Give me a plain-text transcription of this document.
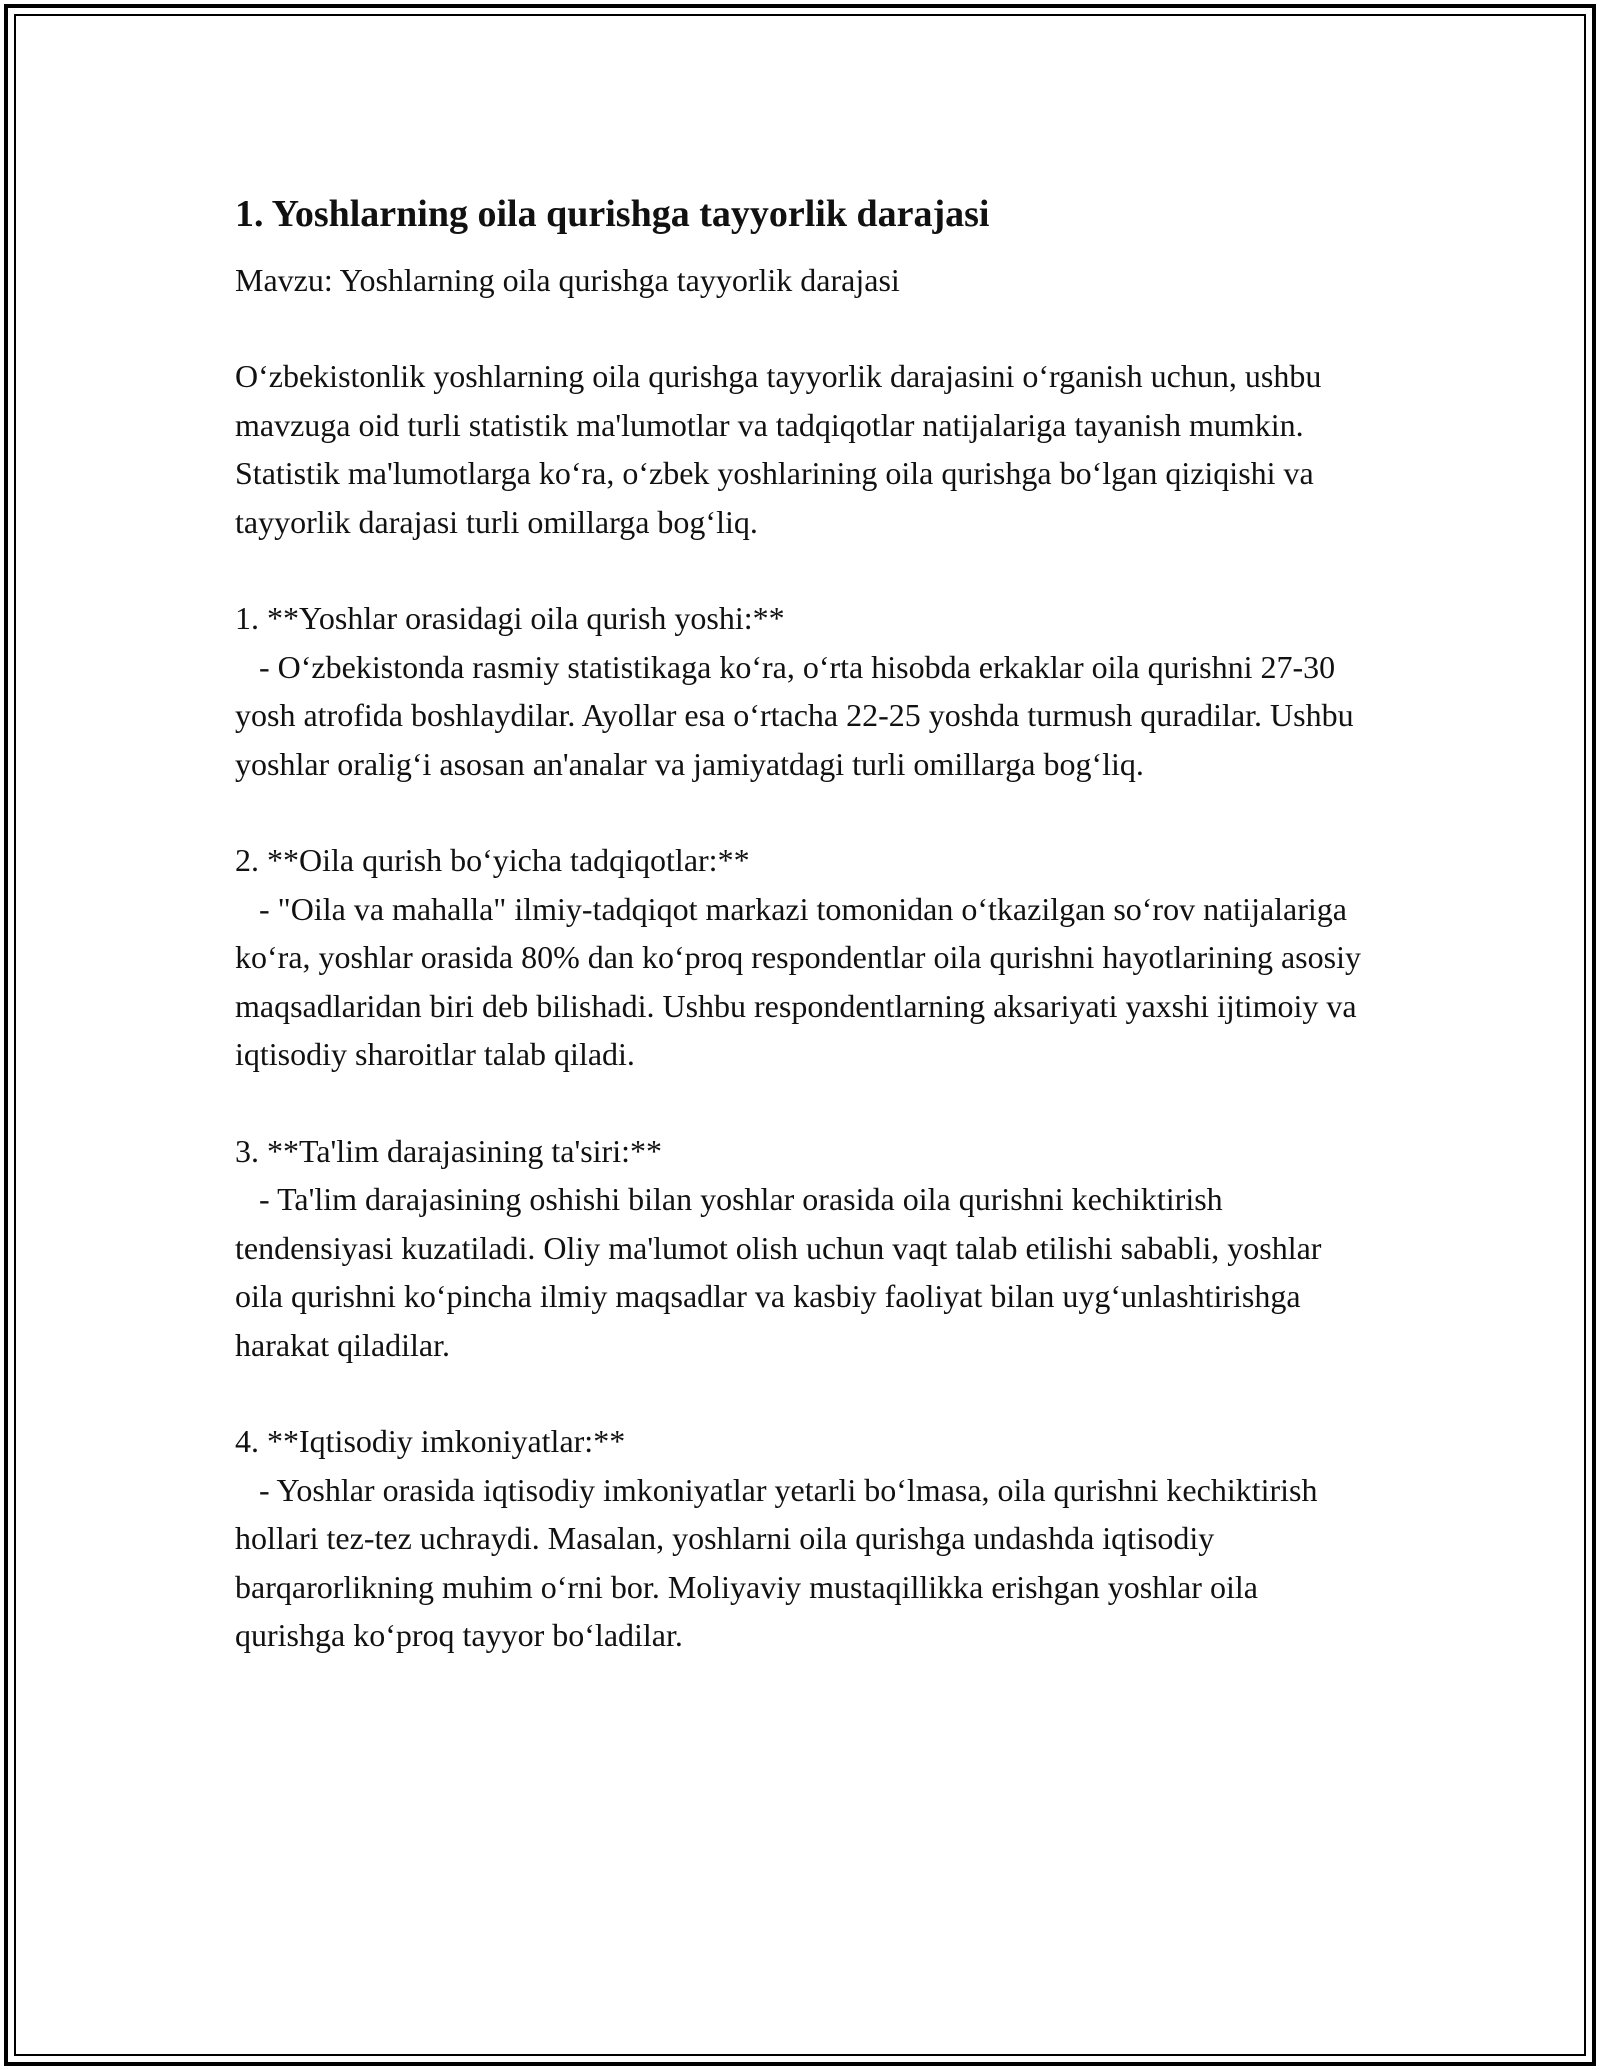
1. Yoshlarning oila qurishga tayyorlik darajasi

Mavzu: Yoshlarning oila qurishga tayyorlik darajasi

Oʻzbekistonlik yoshlarning oila qurishga tayyorlik darajasini oʻrganish uchun, ushbu mavzuga oid turli statistik ma'lumotlar va tadqiqotlar natijalariga tayanish mumkin. Statistik ma'lumotlarga koʻra, oʻzbek yoshlarining oila qurishga boʻlgan qiziqishi va tayyorlik darajasi turli omillarga bogʻliq.

1. **Yoshlar orasidagi oila qurish yoshi:**

- Oʻzbekistonda rasmiy statistikaga koʻra, oʻrta hisobda erkaklar oila qurishni 27-30 yosh atrofida boshlaydilar. Ayollar esa oʻrtacha 22-25 yoshda turmush quradilar. Ushbu yoshlar oraligʻi asosan an'analar va jamiyatdagi turli omillarga bogʻliq.

2. **Oila qurish boʻyicha tadqiqotlar:**

- "Oila va mahalla" ilmiy-tadqiqot markazi tomonidan oʻtkazilgan soʻrov natijalariga koʻra, yoshlar orasida 80% dan koʻproq respondentlar oila qurishni hayotlarining asosiy maqsadlaridan biri deb bilishadi. Ushbu respondentlarning aksariyati yaxshi ijtimoiy va iqtisodiy sharoitlar talab qiladi.

3. **Ta'lim darajasining ta'siri:**

- Ta'lim darajasining oshishi bilan yoshlar orasida oila qurishni kechiktirish tendensiyasi kuzatiladi. Oliy ma'lumot olish uchun vaqt talab etilishi sababli, yoshlar oila qurishni koʻpincha ilmiy maqsadlar va kasbiy faoliyat bilan uygʻunlashtirishga harakat qiladilar.

4. **Iqtisodiy imkoniyatlar:**

- Yoshlar orasida iqtisodiy imkoniyatlar yetarli boʻlmasa, oila qurishni kechiktirish hollari tez-tez uchraydi. Masalan, yoshlarni oila qurishga undashda iqtisodiy barqarorlikning muhim oʻrni bor. Moliyaviy mustaqillikka erishgan yoshlar oila qurishga koʻproq tayyor boʻladilar.
